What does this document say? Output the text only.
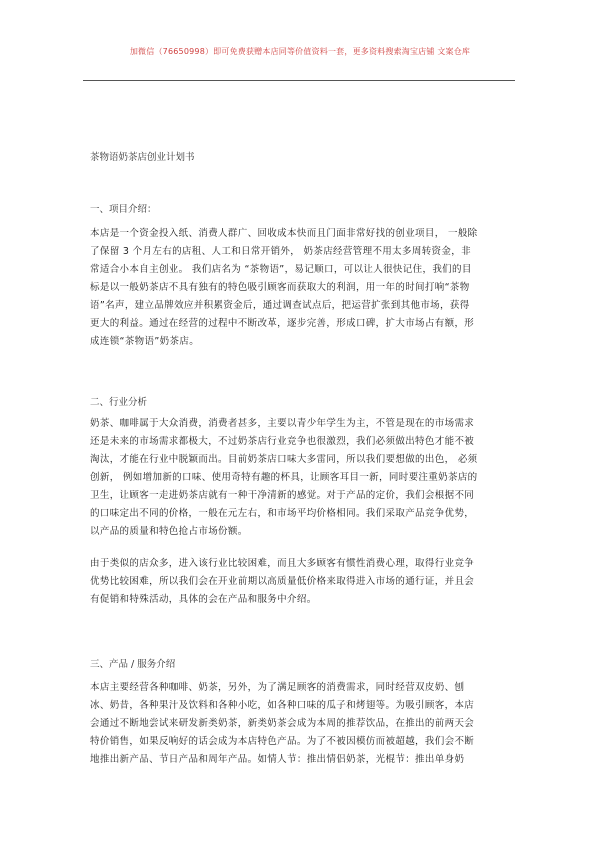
加微信（76650998）即可免费获赠本店同等价值资料一套，更多资料搜索淘宝店铺 文案仓库
茶物语奶茶店创业计划书
一、项目介绍：
本店是一个资金投入纸、消费人群广、回收成本快而且门面非常好找的创业项目， 一般除
了保留 3 个月左右的店租、人工和日常开销外， 奶茶店经营管理不用太多周转资金，非
常适合小本自主创业。 我们店名为 “茶物语”，易记顺口，可以让人很快记住，我们的目
标是以一般奶茶店不具有独有的特色吸引顾客而获取大的利润，用一年的时间打响“茶物
语”名声，建立品牌效应并积累资金后，通过调查试点后，把运营扩张到其他市场，获得
更大的利益。通过在经营的过程中不断改革，逐步完善，形成口碑，扩大市场占有额，形
成连锁“茶物语”奶茶店。
二、行业分析
奶茶、咖啡属于大众消费，消费者甚多，主要以青少年学生为主，不管是现在的市场需求
还是未来的市场需求都极大，不过奶茶店行业竞争也很激烈，我们必须做出特色才能不被
淘汰，才能在行业中脱颖而出。目前奶茶店口味大多雷同，所以我们要想做的出色， 必须
创新， 例如增加新的口味、使用奇特有趣的杯具，让顾客耳目一新，同时要注重奶茶店的
卫生，让顾客一走进奶茶店就有一种干净清新的感觉。对于产品的定价，我们会根据不同
的口味定出不同的价格，一般在元左右，和市场平均价格相同。我们采取产品竞争优势，
以产品的质量和特色抢占市场份额。
由于类似的店众多，进入该行业比较困难，而且大多顾客有惯性消费心理，取得行业竞争
优势比较困难，所以我们会在开业前期以高质量低价格来取得进入市场的通行证，并且会
有促销和特殊活动，具体的会在产品和服务中介绍。
三、产品 / 服务介绍
本店主要经营各种咖啡、奶茶，另外，为了满足顾客的消费需求，同时经营双皮奶、刨
冰、奶昔，各种果汁及饮料和各种小吃，如各种口味的瓜子和烤翅等。为吸引顾客，本店
会通过不断地尝试来研发新类奶茶，新类奶茶会成为本周的推荐饮品，在推出的前两天会
特价销售，如果反响好的话会成为本店特色产品。为了不被因模仿而被超越，我们会不断
地推出新产品、节日产品和周年产品。如情人节：推出情侣奶茶，光棍节：推出单身奶
